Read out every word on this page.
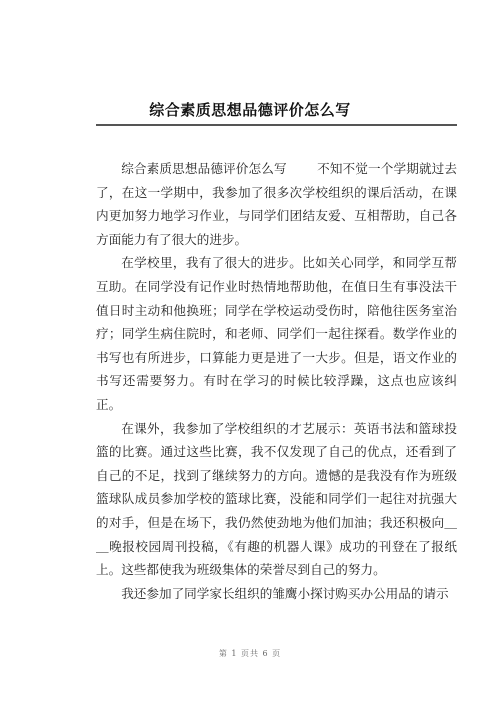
综合素质思想品德评价怎么写

综合素质思想品德评价怎么写 不知不觉一个学期就过去了，在这一学期中，我参加了很多次学校组织的课后活动，在课内更加努力地学习作业，与同学们团结友爱、互相帮助，自己各方面能力有了很大的进步。

在学校里，我有了很大的进步。比如关心同学，和同学互帮互助。在同学没有记作业时热情地帮助他，在值日生有事没法干值日时主动和他换班；同学在学校运动受伤时，陪他往医务室治疗；同学生病住院时，和老师、同学们一起往探看。数学作业的书写也有所进步，口算能力更是进了一大步。但是，语文作业的书写还需要努力。有时在学习的时候比较浮躁，这点也应该纠正。

在课外，我参加了学校组织的才艺展示：英语书法和篮球投篮的比赛。通过这些比赛，我不仅发现了自己的优点，还看到了自己的不足，找到了继续努力的方向。遗憾的是我没有作为班级篮球队成员参加学校的篮球比赛，没能和同学们一起往对抗强大的对手，但是在场下，我仍然使劲地为他们加油；我还积极向＿＿晚报校园周刊投稿，《有趣的机器人课》成功的刊登在了报纸上。这些都使我为班级集体的荣誉尽到自己的努力。

我还参加了同学家长组织的雏鹰小探讨购买办公用品的请示

第 1 页共 6 页
